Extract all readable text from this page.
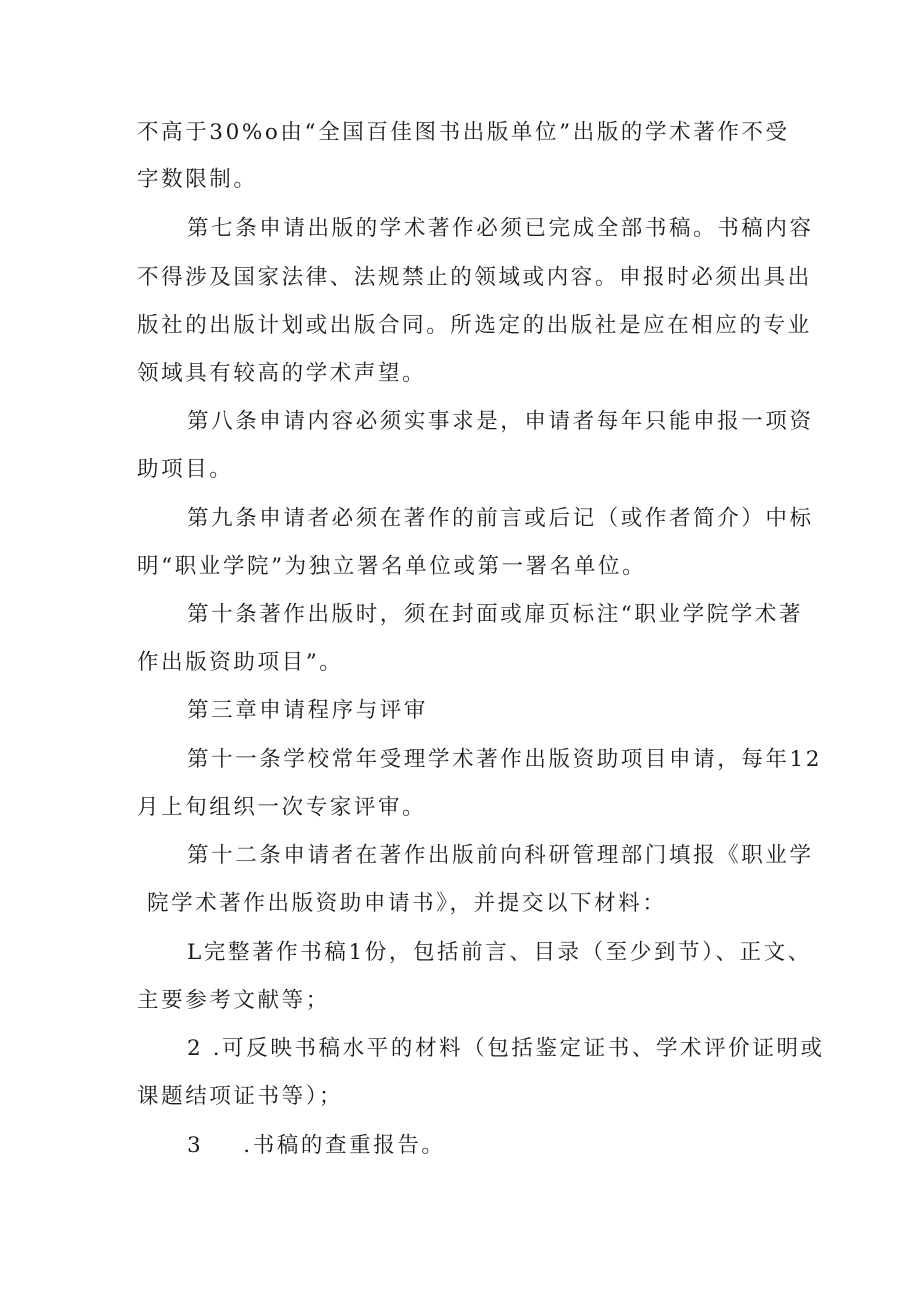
不高于30%o由“全国百佳图书出版单位”出版的学术著作不受

字数限制。

第七条申请出版的学术著作必须已完成全部书稿。书稿内容

不得涉及国家法律、法规禁止的领域或内容。申报时必须出具出

版社的出版计划或出版合同。所选定的出版社是应在相应的专业

领域具有较高的学术声望。

第八条申请内容必须实事求是，申请者每年只能申报一项资

助项目。

第九条申请者必须在著作的前言或后记（或作者简介）中标

明“职业学院”为独立署名单位或第一署名单位。

第十条著作出版时，须在封面或扉页标注“职业学院学术著

作出版资助项目”。

第三章申请程序与评审

第十一条学校常年受理学术著作出版资助项目申请，每年12

月上旬组织一次专家评审。

第十二条申请者在著作出版前向科研管理部门填报《职业学

院学术著作出版资助申请书》，并提交以下材料：

L完整著作书稿1份，包括前言、目录（至少到节）、正文、

主要参考文献等；

2 .可反映书稿水平的材料（包括鉴定证书、学术评价证明或

课题结项证书等）；

3 .书稿的查重报告。
